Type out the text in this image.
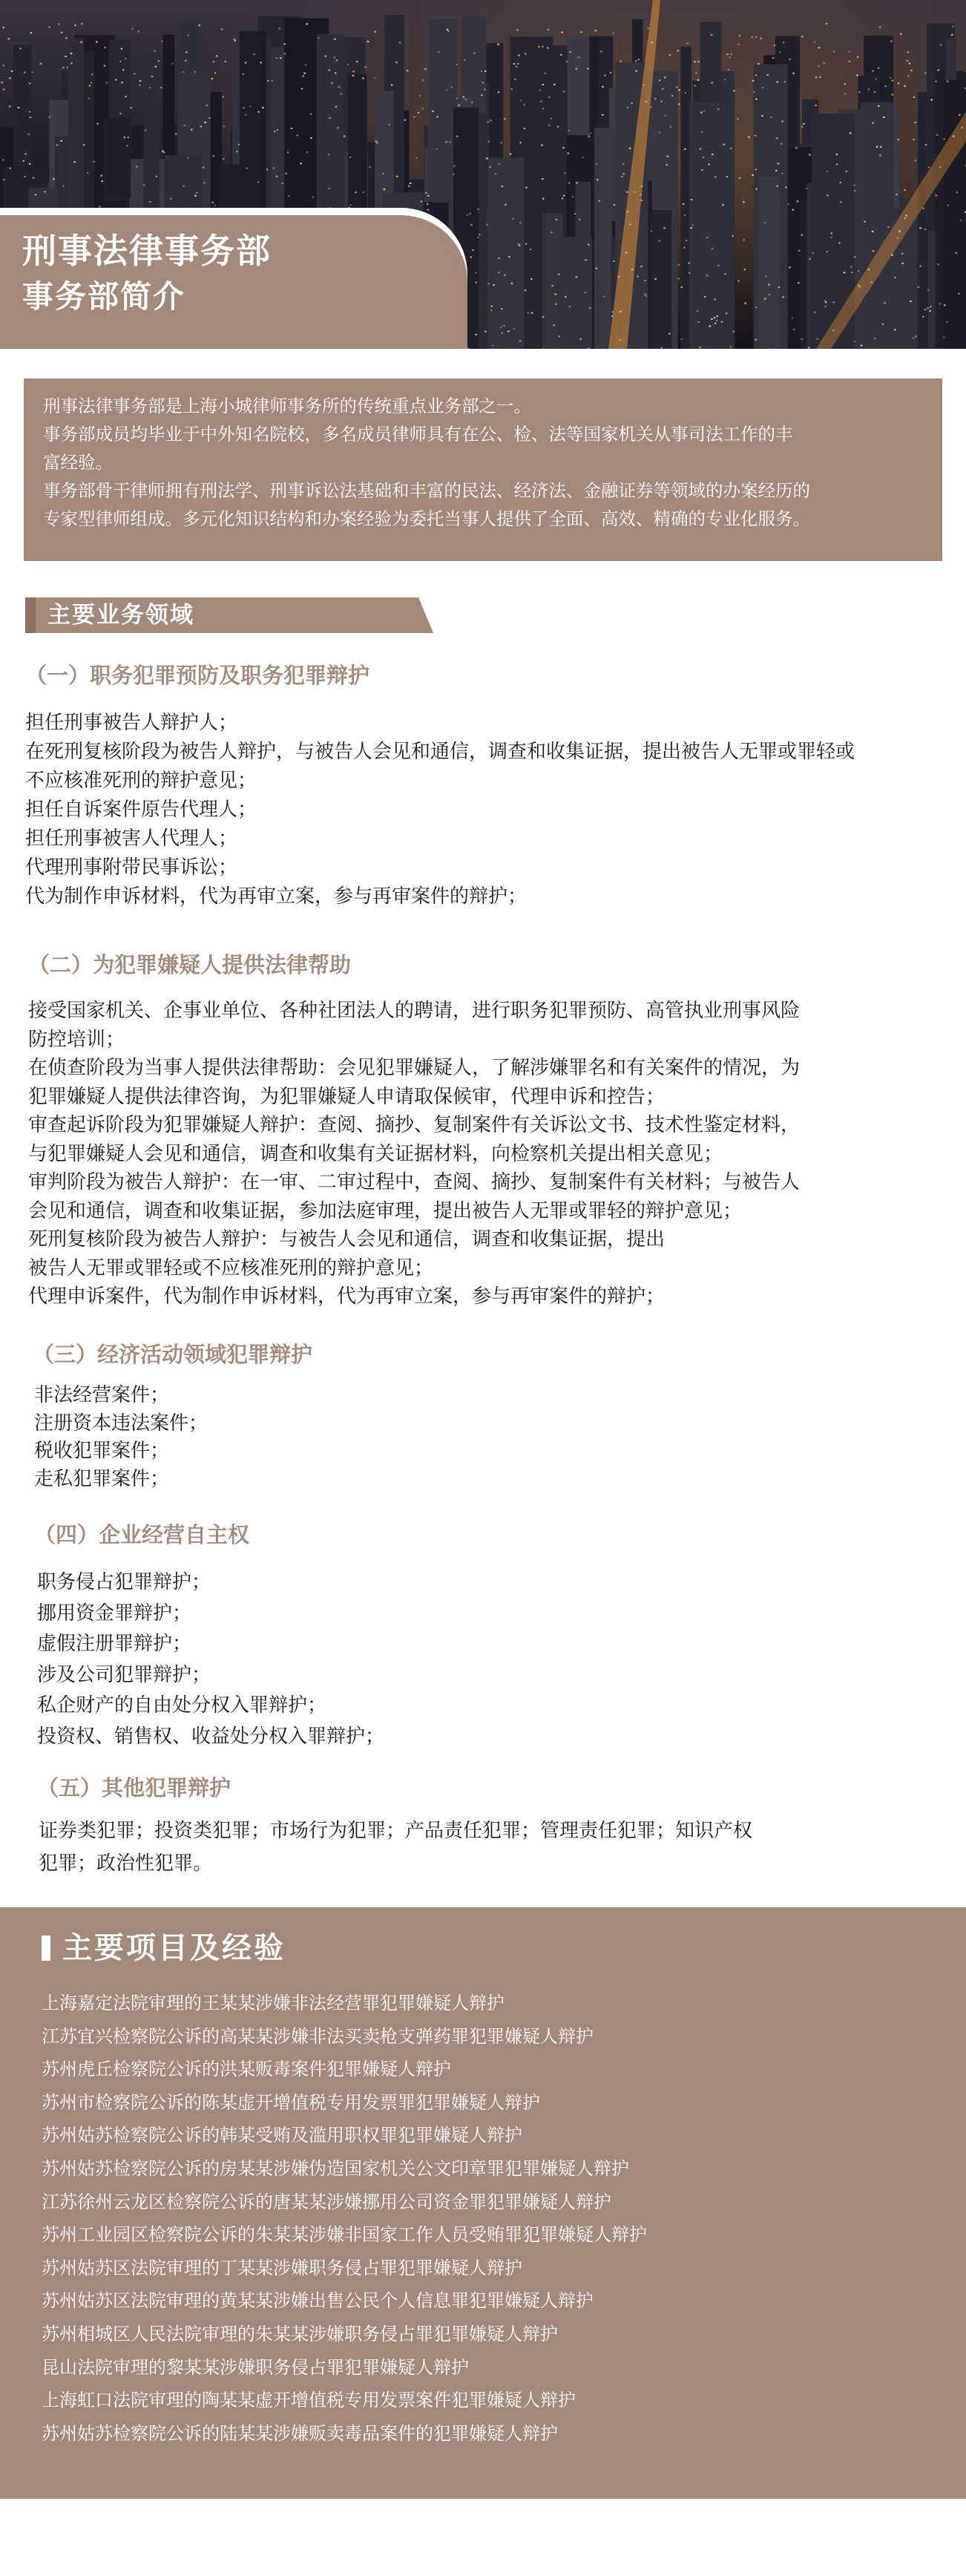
刑事法律事务部
事务部简介

刑事法律事务部是上海小城律师事务所的传统重点业务部之一。

事务部成员均毕业于中外知名院校，多名成员律师具有在公、检、法等国家机关从事司法工作的丰

富经验。

事务部骨干律师拥有刑法学、刑事诉讼法基础和丰富的民法、经济法、金融证券等领域的办案经历的

专家型律师组成。多元化知识结构和办案经验为委托当事人提供了全面、高效、精确的专业化服务。

主要业务领域
（一）职务犯罪预防及职务犯罪辩护
担任刑事被告人辩护人；
在死刑复核阶段为被告人辩护，与被告人会见和通信，调查和收集证据，提出被告人无罪或罪轻或
不应核准死刑的辩护意见；
担任自诉案件原告代理人；
担任刑事被害人代理人；
代理刑事附带民事诉讼；
代为制作申诉材料，代为再审立案，参与再审案件的辩护；
（二）为犯罪嫌疑人提供法律帮助
接受国家机关、企事业单位、各种社团法人的聘请，进行职务犯罪预防、高管执业刑事风险
防控培训；
在侦查阶段为当事人提供法律帮助：会见犯罪嫌疑人，了解涉嫌罪名和有关案件的情况，为
犯罪嫌疑人提供法律咨询，为犯罪嫌疑人申请取保候审，代理申诉和控告；
审查起诉阶段为犯罪嫌疑人辩护：查阅、摘抄、复制案件有关诉讼文书、技术性鉴定材料，
与犯罪嫌疑人会见和通信，调查和收集有关证据材料，向检察机关提出相关意见；
审判阶段为被告人辩护：在一审、二审过程中，查阅、摘抄、复制案件有关材料；与被告人
会见和通信，调查和收集证据，参加法庭审理，提出被告人无罪或罪轻的辩护意见；
死刑复核阶段为被告人辩护：与被告人会见和通信，调查和收集证据，提出
被告人无罪或罪轻或不应核准死刑的辩护意见；
代理申诉案件，代为制作申诉材料，代为再审立案，参与再审案件的辩护；
（三）经济活动领域犯罪辩护
非法经营案件；
注册资本违法案件；
税收犯罪案件；
走私犯罪案件；
（四）企业经营自主权
职务侵占犯罪辩护；
挪用资金罪辩护；
虚假注册罪辩护；
涉及公司犯罪辩护；
私企财产的自由处分权入罪辩护；
投资权、销售权、收益处分权入罪辩护；
（五）其他犯罪辩护
证券类犯罪；投资类犯罪；市场行为犯罪；产品责任犯罪；管理责任犯罪；知识产权
犯罪；政治性犯罪。
主要项目及经验
上海嘉定法院审理的王某某涉嫌非法经营罪犯罪嫌疑人辩护
江苏宜兴检察院公诉的高某某涉嫌非法买卖枪支弹药罪犯罪嫌疑人辩护
苏州虎丘检察院公诉的洪某贩毒案件犯罪嫌疑人辩护
苏州市检察院公诉的陈某虚开增值税专用发票罪犯罪嫌疑人辩护
苏州姑苏检察院公诉的韩某受贿及滥用职权罪犯罪嫌疑人辩护
苏州姑苏检察院公诉的房某某涉嫌伪造国家机关公文印章罪犯罪嫌疑人辩护
江苏徐州云龙区检察院公诉的唐某某涉嫌挪用公司资金罪犯罪嫌疑人辩护
苏州工业园区检察院公诉的朱某某涉嫌非国家工作人员受贿罪犯罪嫌疑人辩护
苏州姑苏区法院审理的丁某某涉嫌职务侵占罪犯罪嫌疑人辩护
苏州姑苏区法院审理的黄某某涉嫌出售公民个人信息罪犯罪嫌疑人辩护
苏州相城区人民法院审理的朱某某涉嫌职务侵占罪犯罪嫌疑人辩护
昆山法院审理的黎某某涉嫌职务侵占罪犯罪嫌疑人辩护
上海虹口法院审理的陶某某虚开增值税专用发票案件犯罪嫌疑人辩护
苏州姑苏检察院公诉的陆某某涉嫌贩卖毒品案件的犯罪嫌疑人辩护
